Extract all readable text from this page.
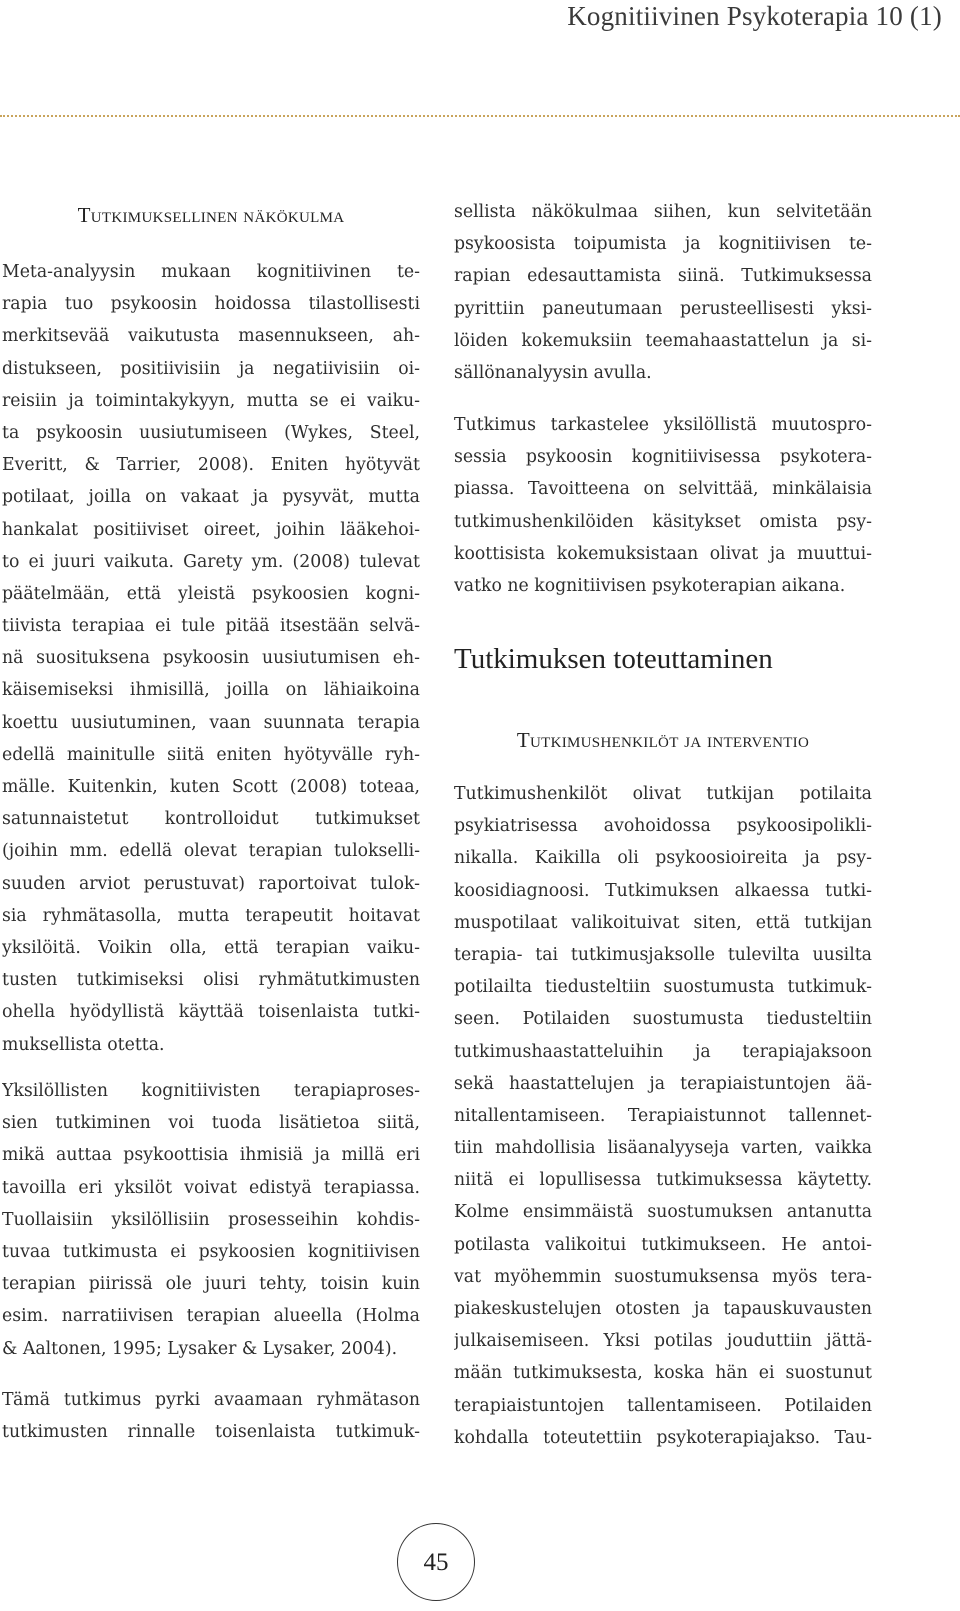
Kognitiivinen Psykoterapia 10 (1)
Tutkimuksellinen näkökulma
Meta-analyysin mukaan kognitiivinen te-
rapia tuo psykoosin hoidossa tilastollisesti
merkitsevää vaikutusta masennukseen, ah-
distukseen, positiivisiin ja negatiivisiin oi-
reisiin ja toimintakykyyn, mutta se ei vaiku-
ta psykoosin uusiutumiseen (Wykes, Steel,
Everitt, & Tarrier, 2008). Eniten hyötyvät
potilaat, joilla on vakaat ja pysyvät, mutta
hankalat positiiviset oireet, joihin lääkehoi-
to ei juuri vaikuta. Garety ym. (2008) tulevat
päätelmään, että yleistä psykoosien kogni-
tiivista terapiaa ei tule pitää itsestään selvä-
nä suosituksena psykoosin uusiutumisen eh-
käisemiseksi ihmisillä, joilla on lähiaikoina
koettu uusiutuminen, vaan suunnata terapia
edellä mainitulle siitä eniten hyötyvälle ryh-
mälle. Kuitenkin, kuten Scott (2008) toteaa,
satunnaistetut kontrolloidut tutkimukset
(joihin mm. edellä olevat terapian tulokselli-
suuden arviot perustuvat) raportoivat tulok-
sia ryhmätasolla, mutta terapeutit hoitavat
yksilöitä. Voikin olla, että terapian vaiku-
tusten tutkimiseksi olisi ryhmätutkimusten
ohella hyödyllistä käyttää toisenlaista tutki-
muksellista otetta.
Yksilöllisten kognitiivisten terapiaproses-
sien tutkiminen voi tuoda lisätietoa siitä,
mikä auttaa psykoottisia ihmisiä ja millä eri
tavoilla eri yksilöt voivat edistyä terapiassa.
Tuollaisiin yksilöllisiin prosesseihin kohdis-
tuvaa tutkimusta ei psykoosien kognitiivisen
terapian piirissä ole juuri tehty, toisin kuin
esim. narratiivisen terapian alueella (Holma
& Aaltonen, 1995; Lysaker & Lysaker, 2004).
Tämä tutkimus pyrki avaamaan ryhmätason
tutkimusten rinnalle toisenlaista tutkimuk-
sellista näkökulmaa siihen, kun selvitetään
psykoosista toipumista ja kognitiivisen te-
rapian edesauttamista siinä. Tutkimuksessa
pyrittiin paneutumaan perusteellisesti yksi-
löiden kokemuksiin teemahaastattelun ja si-
sällönanalyysin avulla.
Tutkimus tarkastelee yksilöllistä muutospro-
sessia psykoosin kognitiivisessa psykotera-
piassa. Tavoitteena on selvittää, minkälaisia
tutkimushenkilöiden käsitykset omista psy-
koottisista kokemuksistaan olivat ja muuttui-
vatko ne kognitiivisen psykoterapian aikana.
Tutkimuksen toteuttaminen
Tutkimushenkilöt ja interventio
Tutkimushenkilöt olivat tutkijan potilaita
psykiatrisessa avohoidossa psykoosipolikli-
nikalla. Kaikilla oli psykoosioireita ja psy-
koosidiagnoosi. Tutkimuksen alkaessa tutki-
muspotilaat valikoituivat siten, että tutkijan
terapia- tai tutkimusjaksolle tulevilta uusilta
potilailta tiedusteltiin suostumusta tutkimuk-
seen. Potilaiden suostumusta tiedusteltiin
tutkimushaastatteluihin ja terapiajaksoon
sekä haastattelujen ja terapiaistuntojen ää-
nitallentamiseen. Terapiaistunnot tallennet-
tiin mahdollisia lisäanalyyseja varten, vaikka
niitä ei lopullisessa tutkimuksessa käytetty.
Kolme ensimmäistä suostumuksen antanutta
potilasta valikoitui tutkimukseen. He antoi-
vat myöhemmin suostumuksensa myös tera-
piakeskustelujen otosten ja tapauskuvausten
julkaisemiseen. Yksi potilas jouduttiin jättä-
mään tutkimuksesta, koska hän ei suostunut
terapiaistuntojen tallentamiseen. Potilaiden
kohdalla toteutettiin psykoterapiajakso. Tau-
45
